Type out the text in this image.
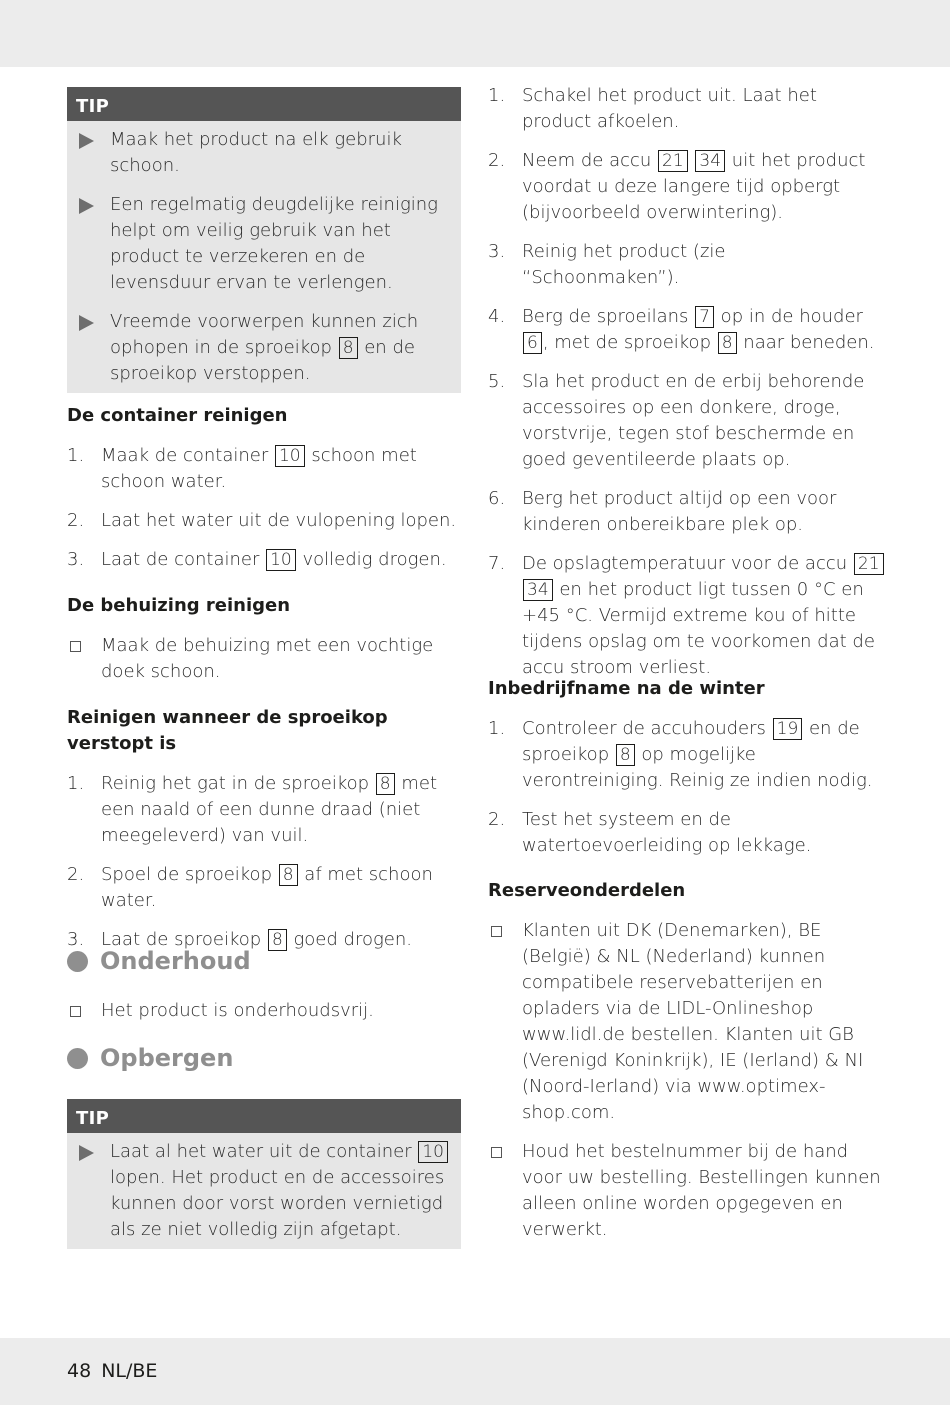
TIP
Maak het product na elk gebruik schoon.
Een regelmatig deugdelijke reiniging helpt om veilig gebruik van het product te verzekeren en de levensduur ervan te verlengen.
Vreemde voorwerpen kunnen zich ophopen in de sproeikop 8 en de sproeikop verstoppen.
De container reinigen
1. Maak de container 10 schoon met schoon water.
2. Laat het water uit de vulopening lopen.
3. Laat de container 10 volledig drogen.
De behuizing reinigen
Maak de behuizing met een vochtige doek schoon.
Reinigen wanneer de sproeikop verstopt is
1. Reinig het gat in de sproeikop 8 met een naald of een dunne draad (niet meegeleverd) van vuil.
2. Spoel de sproeikop 8 af met schoon water.
3. Laat de sproeikop 8 goed drogen.
Onderhoud
Het product is onderhoudsvrij.
Opbergen
TIP
Laat al het water uit de container 10 lopen. Het product en de accessoires kunnen door vorst worden vernietigd als ze niet volledig zijn afgetapt.
1. Schakel het product uit. Laat het product afkoelen.
2. Neem de accu 21 34 uit het product voordat u deze langere tijd opbergt (bijvoorbeeld overwintering).
3. Reinig het product (zie “Schoonmaken”).
4. Berg de sproeilans 7 op in de houder 6 , met de sproeikop 8 naar beneden.
5. Sla het product en de erbij behorende accessoires op een donkere, droge, vorstvrije, tegen stof beschermde en goed geventileerde plaats op.
6. Berg het product altijd op een voor kinderen onbereikbare plek op.
7. De opslagtemperatuur voor de accu 21 34 en het product ligt tussen 0 °C en +45 °C. Vermijd extreme kou of hitte tijdens opslag om te voorkomen dat de accu stroom verliest.
Inbedrijfname na de winter
1. Controleer de accuhouders 19 en de sproeikop 8 op mogelijke verontreiniging. Reinig ze indien nodig.
2. Test het systeem en de watertoevoerleiding op lekkage.
Reserveonderdelen
Klanten uit DK (Denemarken), BE (België) & NL (Nederland) kunnen compatibele reservebatterijen en opladers via de LIDL-Onlineshop www.lidl.de bestellen. Klanten uit GB (Verenigd Koninkrijk), IE (Ierland) & NI (Noord-Ierland) via www.optimex-shop.com.
Houd het bestelnummer bij de hand voor uw bestelling. Bestellingen kunnen alleen online worden opgegeven en verwerkt.
48 NL/BE
